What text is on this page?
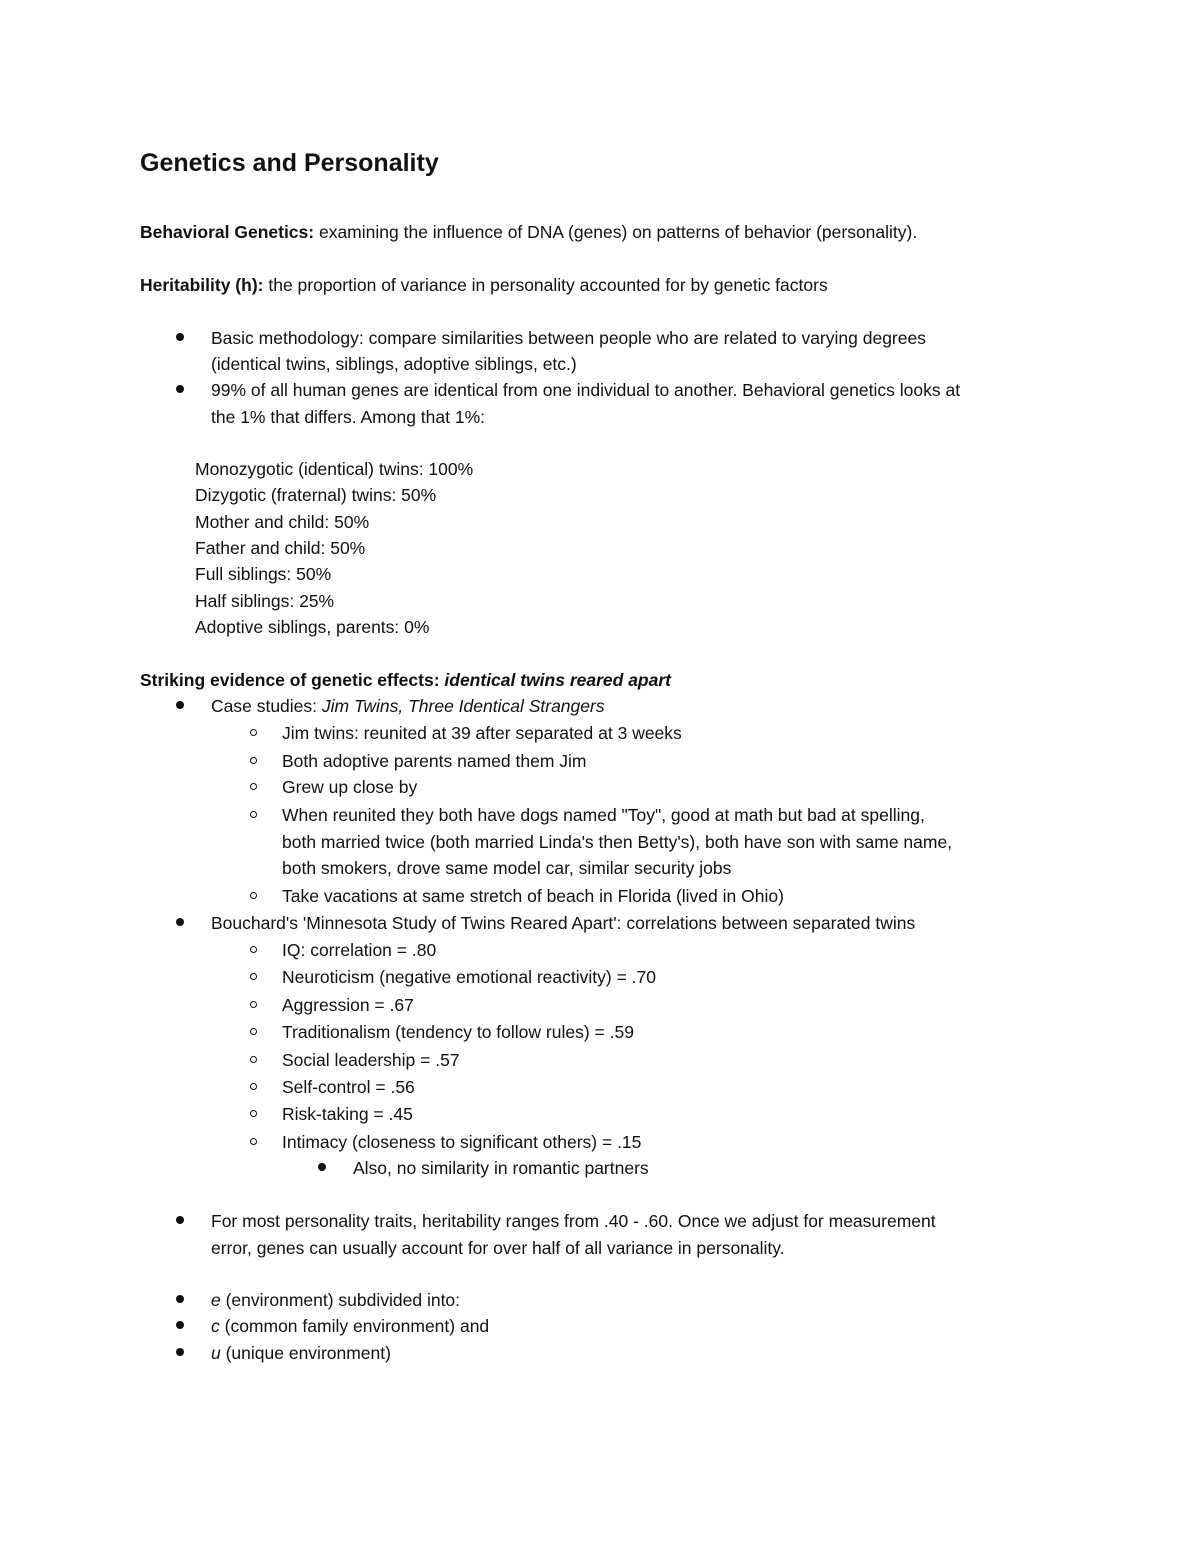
Genetics and Personality
Behavioral Genetics: examining the influence of DNA (genes) on patterns of behavior (personality).
Heritability (h): the proportion of variance in personality accounted for by genetic factors
Basic methodology: compare similarities between people who are related to varying degrees
(identical twins, siblings, adoptive siblings, etc.)
99% of all human genes are identical from one individual to another. Behavioral genetics looks at
the 1% that differs. Among that 1%:
Monozygotic (identical) twins: 100%
Dizygotic (fraternal) twins: 50%
Mother and child: 50%
Father and child: 50%
Full siblings: 50%
Half siblings: 25%
Adoptive siblings, parents: 0%
Striking evidence of genetic effects: identical twins reared apart
Case studies: Jim Twins, Three Identical Strangers
Jim twins: reunited at 39 after separated at 3 weeks
Both adoptive parents named them Jim
Grew up close by
When reunited they both have dogs named "Toy", good at math but bad at spelling,
both married twice (both married Linda's then Betty's), both have son with same name,
both smokers, drove same model car, similar security jobs
Take vacations at same stretch of beach in Florida (lived in Ohio)
Bouchard's 'Minnesota Study of Twins Reared Apart': correlations between separated twins
IQ: correlation = .80
Neuroticism (negative emotional reactivity) = .70
Aggression = .67
Traditionalism (tendency to follow rules) = .59
Social leadership = .57
Self-control = .56
Risk-taking = .45
Intimacy (closeness to significant others) = .15
Also, no similarity in romantic partners
For most personality traits, heritability ranges from .40 - .60. Once we adjust for measurement
error, genes can usually account for over half of all variance in personality.
e (environment) subdivided into:
c (common family environment) and
u (unique environment)
